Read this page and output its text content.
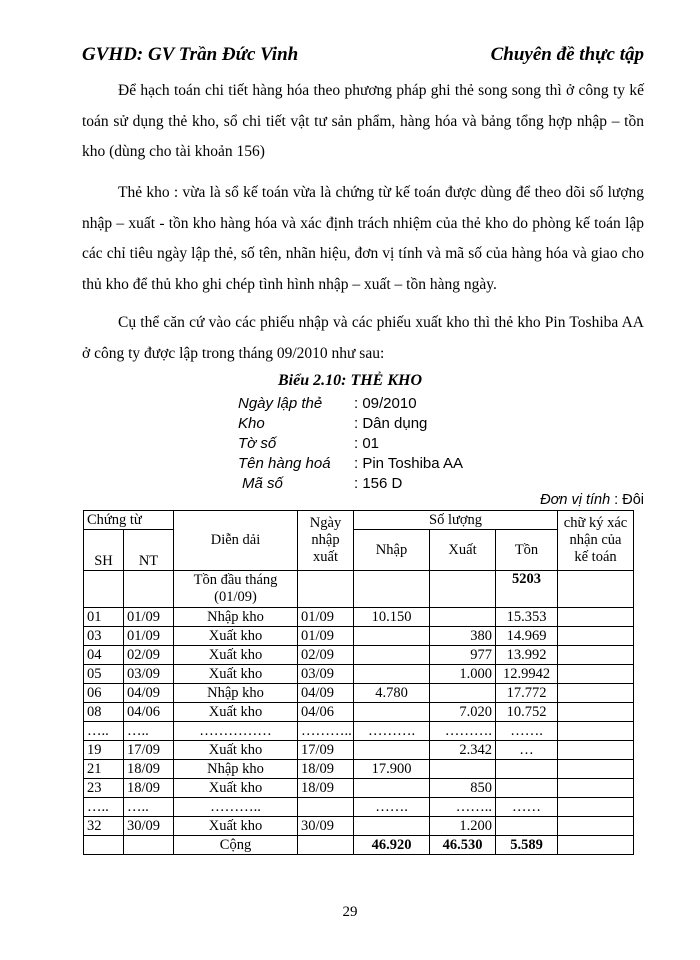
GVHD: GV Trần Đức Vinh	Chuyên đề thực tập
Để hạch toán chi tiết hàng hóa theo phương pháp ghi thẻ song song thì ở công ty kế toán sử dụng thẻ kho, sổ chi tiết vật tư sản phẩm, hàng hóa và bảng tổng hợp nhập – tồn kho (dùng cho tài khoản 156)
Thẻ kho : vừa là sổ kế toán vừa là chứng từ kế toán được dùng để theo dõi số lượng nhập – xuất - tồn kho hàng hóa và xác định trách nhiệm của thẻ kho do phòng kế toán lập các chỉ tiêu ngày lập thẻ, số tên, nhãn hiệu, đơn vị tính và mã số của hàng hóa và giao cho thủ kho để thủ kho ghi chép tình hình nhập – xuất – tồn hàng ngày.
Cụ thể căn cứ vào các phiếu nhập và các phiếu xuất kho thì thẻ kho Pin Toshiba AA ở công ty được lập trong tháng 09/2010 như sau:
Biểu 2.10: THẺ KHO
Ngày lập thẻ	: 09/2010
Kho	: Dân dụng
Tờ số	: 01
Tên hàng hoá	: Pin Toshiba AA
Mã số	: 156 D
Đơn vị tính : Đôi
Chứng từ		Diễn dải	Ngày nhập xuất	Số lượng			chữ ký xác nhận của kế toán
SH	NT			Nhập	Xuất	Tồn	
		Tồn đầu tháng (01/09)				5203	
01	01/09	Nhập kho	01/09	10.150		15.353	
03	01/09	Xuất kho	01/09		380	14.969	
04	02/09	Xuất kho	02/09		977	13.992	
05	03/09	Xuất kho	03/09		1.000	12.9942	
06	04/09	Nhập kho	04/09	4.780		17.772	
08	04/06	Xuất kho	04/06		7.020	10.752	
…..	…..	……………	………..	……….	……….	…….	
19	17/09	Xuất kho	17/09		2.342	…	
21	18/09	Nhập kho	18/09	17.900			
23	18/09	Xuất kho	18/09		850		
…..	…..	………..		…….	……..	……	
32	30/09	Xuất kho	30/09		1.200		
		Cộng		46.920	46.530	5.589	
29
